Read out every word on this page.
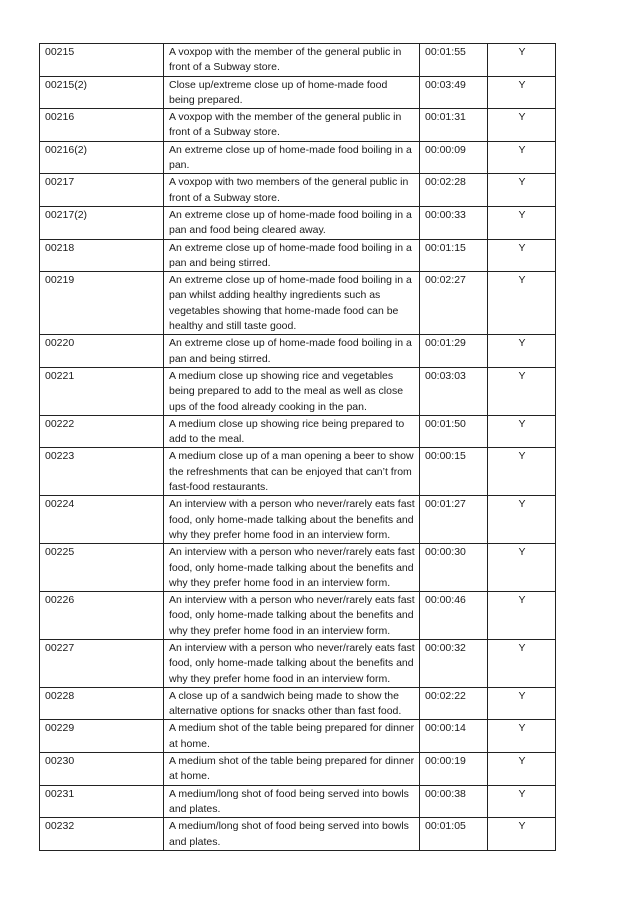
00215	A voxpop with the member of the general public in front of a Subway store.	00:01:55	Y

00215(2)	Close up/extreme close up of home-made food being prepared.	00:03:49	Y

00216	A voxpop with the member of the general public in front of a Subway store.	00:01:31	Y

00216(2)	An extreme close up of home-made food boiling in a pan.	00:00:09	Y

00217	A voxpop with two members of the general public in front of a Subway store.	00:02:28	Y

00217(2)	An extreme close up of home-made food boiling in a pan and food being cleared away.	00:00:33	Y

00218	An extreme close up of home-made food boiling in a pan and being stirred.	00:01:15	Y

00219	An extreme close up of home-made food boiling in a pan whilst adding healthy ingredients such as vegetables showing that home-made food can be healthy and still taste good.	00:02:27	Y

00220	An extreme close up of home-made food boiling in a pan and being stirred.	00:01:29	Y

00221	A medium close up showing rice and vegetables being prepared to add to the meal as well as close ups of the food already cooking in the pan.	00:03:03	Y

00222	A medium close up showing rice being prepared to add to the meal.	00:01:50	Y

00223	A medium close up of a man opening a beer to show the refreshments that can be enjoyed that can’t from fast-food restaurants.	00:00:15	Y

00224	An interview with a person who never/rarely eats fast food, only home-made talking about the benefits and why they prefer home food in an interview form.	00:01:27	Y

00225	An interview with a person who never/rarely eats fast food, only home-made talking about the benefits and why they prefer home food in an interview form.	00:00:30	Y

00226	An interview with a person who never/rarely eats fast food, only home-made talking about the benefits and why they prefer home food in an interview form.	00:00:46	Y

00227	An interview with a person who never/rarely eats fast food, only home-made talking about the benefits and why they prefer home food in an interview form.	00:00:32	Y

00228	A close up of a sandwich being made to show the alternative options for snacks other than fast food.	00:02:22	Y

00229	A medium shot of the table being prepared for dinner at home.	00:00:14	Y

00230	A medium shot of the table being prepared for dinner at home.	00:00:19	Y

00231	A medium/long shot of food being served into bowls and plates.	00:00:38	Y

00232	A medium/long shot of food being served into bowls and plates.	00:01:05	Y
